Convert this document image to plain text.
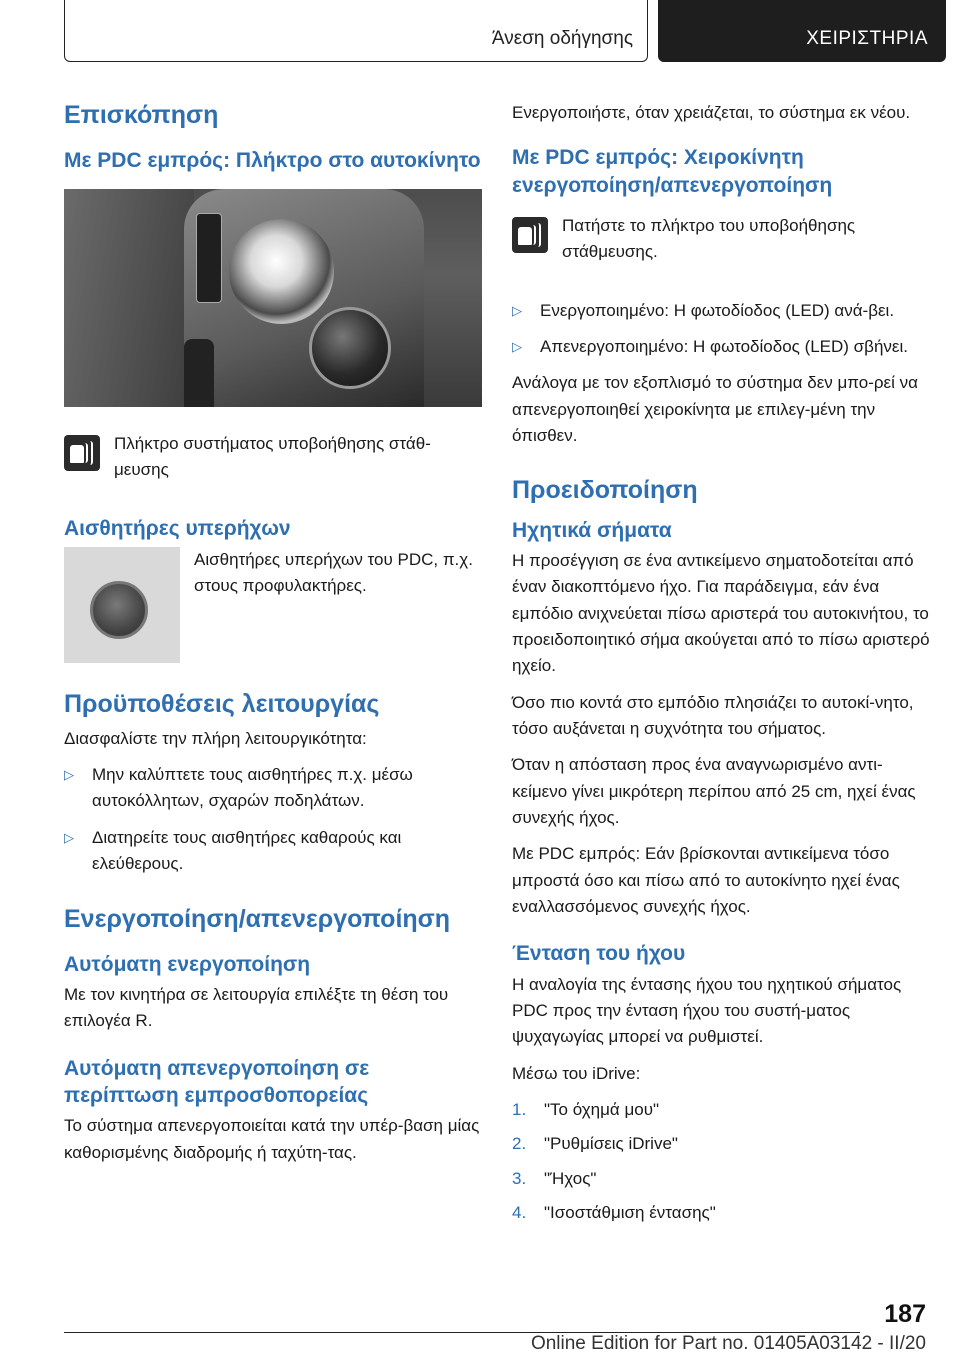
Άνεση οδήγησης	ΧΕΙΡΙΣΤΗΡΙΑ
Επισκόπηση
Με PDC εμπρός: Πλήκτρο στο αυτοκίνητο
Πλήκτρο συστήματος υποβοήθησης στάθ-μευσης
Αισθητήρες υπερήχων
Αισθητήρες υπερήχων του PDC, π.χ. στους προφυλακτήρες.
Προϋποθέσεις λειτουργίας
Διασφαλίστε την πλήρη λειτουργικότητα:
▷ Μην καλύπτετε τους αισθητήρες π.χ. μέσω αυτοκόλλητων, σχαρών ποδηλάτων.
▷ Διατηρείτε τους αισθητήρες καθαρούς και ελεύθερους.
Ενεργοποίηση/απενεργοποίηση
Αυτόματη ενεργοποίηση
Με τον κινητήρα σε λειτουργία επιλέξτε τη θέση του επιλογέα R.
Αυτόματη απενεργοποίηση σε περίπτωση εμπροσθοπορείας
Το σύστημα απενεργοποιείται κατά την υπέρ-βαση μίας καθορισμένης διαδρομής ή ταχύτη-τας.
Ενεργοποιήστε, όταν χρειάζεται, το σύστημα εκ νέου.
Με PDC εμπρός: Χειροκίνητη ενεργοποίηση/απενεργοποίηση
Πατήστε το πλήκτρο του υποβοήθησης στάθμευσης.
▷ Ενεργοποιημένο: Η φωτοδίοδος (LED) ανά-βει.
▷ Απενεργοποιημένο: Η φωτοδίοδος (LED) σβήνει.
Ανάλογα με τον εξοπλισμό το σύστημα δεν μπο-ρεί να απενεργοποιηθεί χειροκίνητα με επιλεγ-μένη την όπισθεν.
Προειδοποίηση
Ηχητικά σήματα
Η προσέγγιση σε ένα αντικείμενο σηματοδοτείται από έναν διακοπτόμενο ήχο. Για παράδειγμα, εάν ένα εμπόδιο ανιχνεύεται πίσω αριστερά του αυτοκινήτου, το προειδοποιητικό σήμα ακούγεται από το πίσω αριστερό ηχείο.
Όσο πιο κοντά στο εμπόδιο πλησιάζει το αυτοκί-νητο, τόσο αυξάνεται η συχνότητα του σήματος.
Όταν η απόσταση προς ένα αναγνωρισμένο αντι-κείμενο γίνει μικρότερη περίπου από 25 cm, ηχεί ένας συνεχής ήχος.
Με PDC εμπρός: Εάν βρίσκονται αντικείμενα τόσο μπροστά όσο και πίσω από το αυτοκίνητο ηχεί ένας εναλλασσόμενος συνεχής ήχος.
Ένταση του ήχου
Η αναλογία της έντασης ήχου του ηχητικού σήματος PDC προς την ένταση ήχου του συστή-ματος ψυχαγωγίας μπορεί να ρυθμιστεί.
Μέσω του iDrive:
1.	"Το όχημά μου"
2.	"Ρυθμίσεις iDrive"
3.	"Ήχος"
4.	"Ισοστάθμιση έντασης"
187
Online Edition for Part no. 01405A03142 - II/20
